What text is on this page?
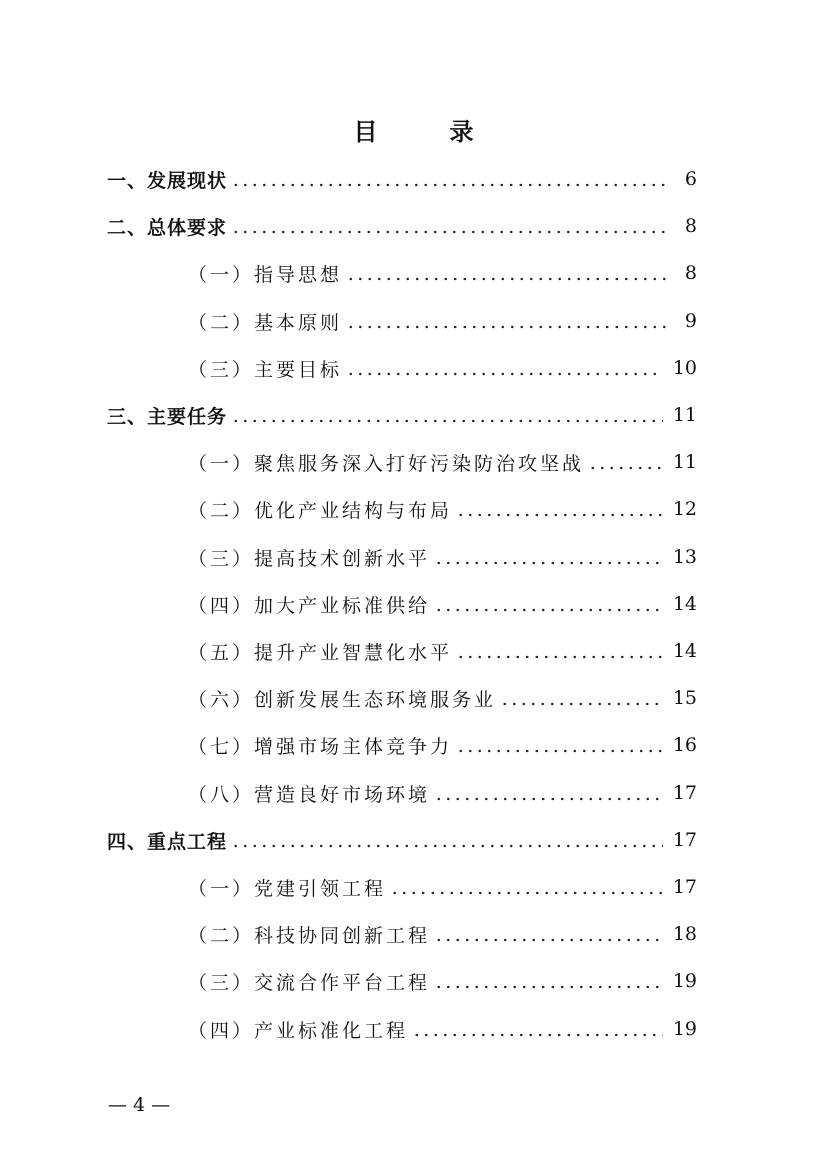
目　录
一、发展现状	6
二、总体要求	8
（一）指导思想	8
（二）基本原则	9
（三）主要目标	10
三、主要任务	11
（一）聚焦服务深入打好污染防治攻坚战	11
（二）优化产业结构与布局	12
（三）提高技术创新水平	13
（四）加大产业标准供给	14
（五）提升产业智慧化水平	14
（六）创新发展生态环境服务业	15
（七）增强市场主体竞争力	16
（八）营造良好市场环境	17
四、重点工程	17
（一）党建引领工程	17
（二）科技协同创新工程	18
（三）交流合作平台工程	19
（四）产业标准化工程	19
— 4 —
